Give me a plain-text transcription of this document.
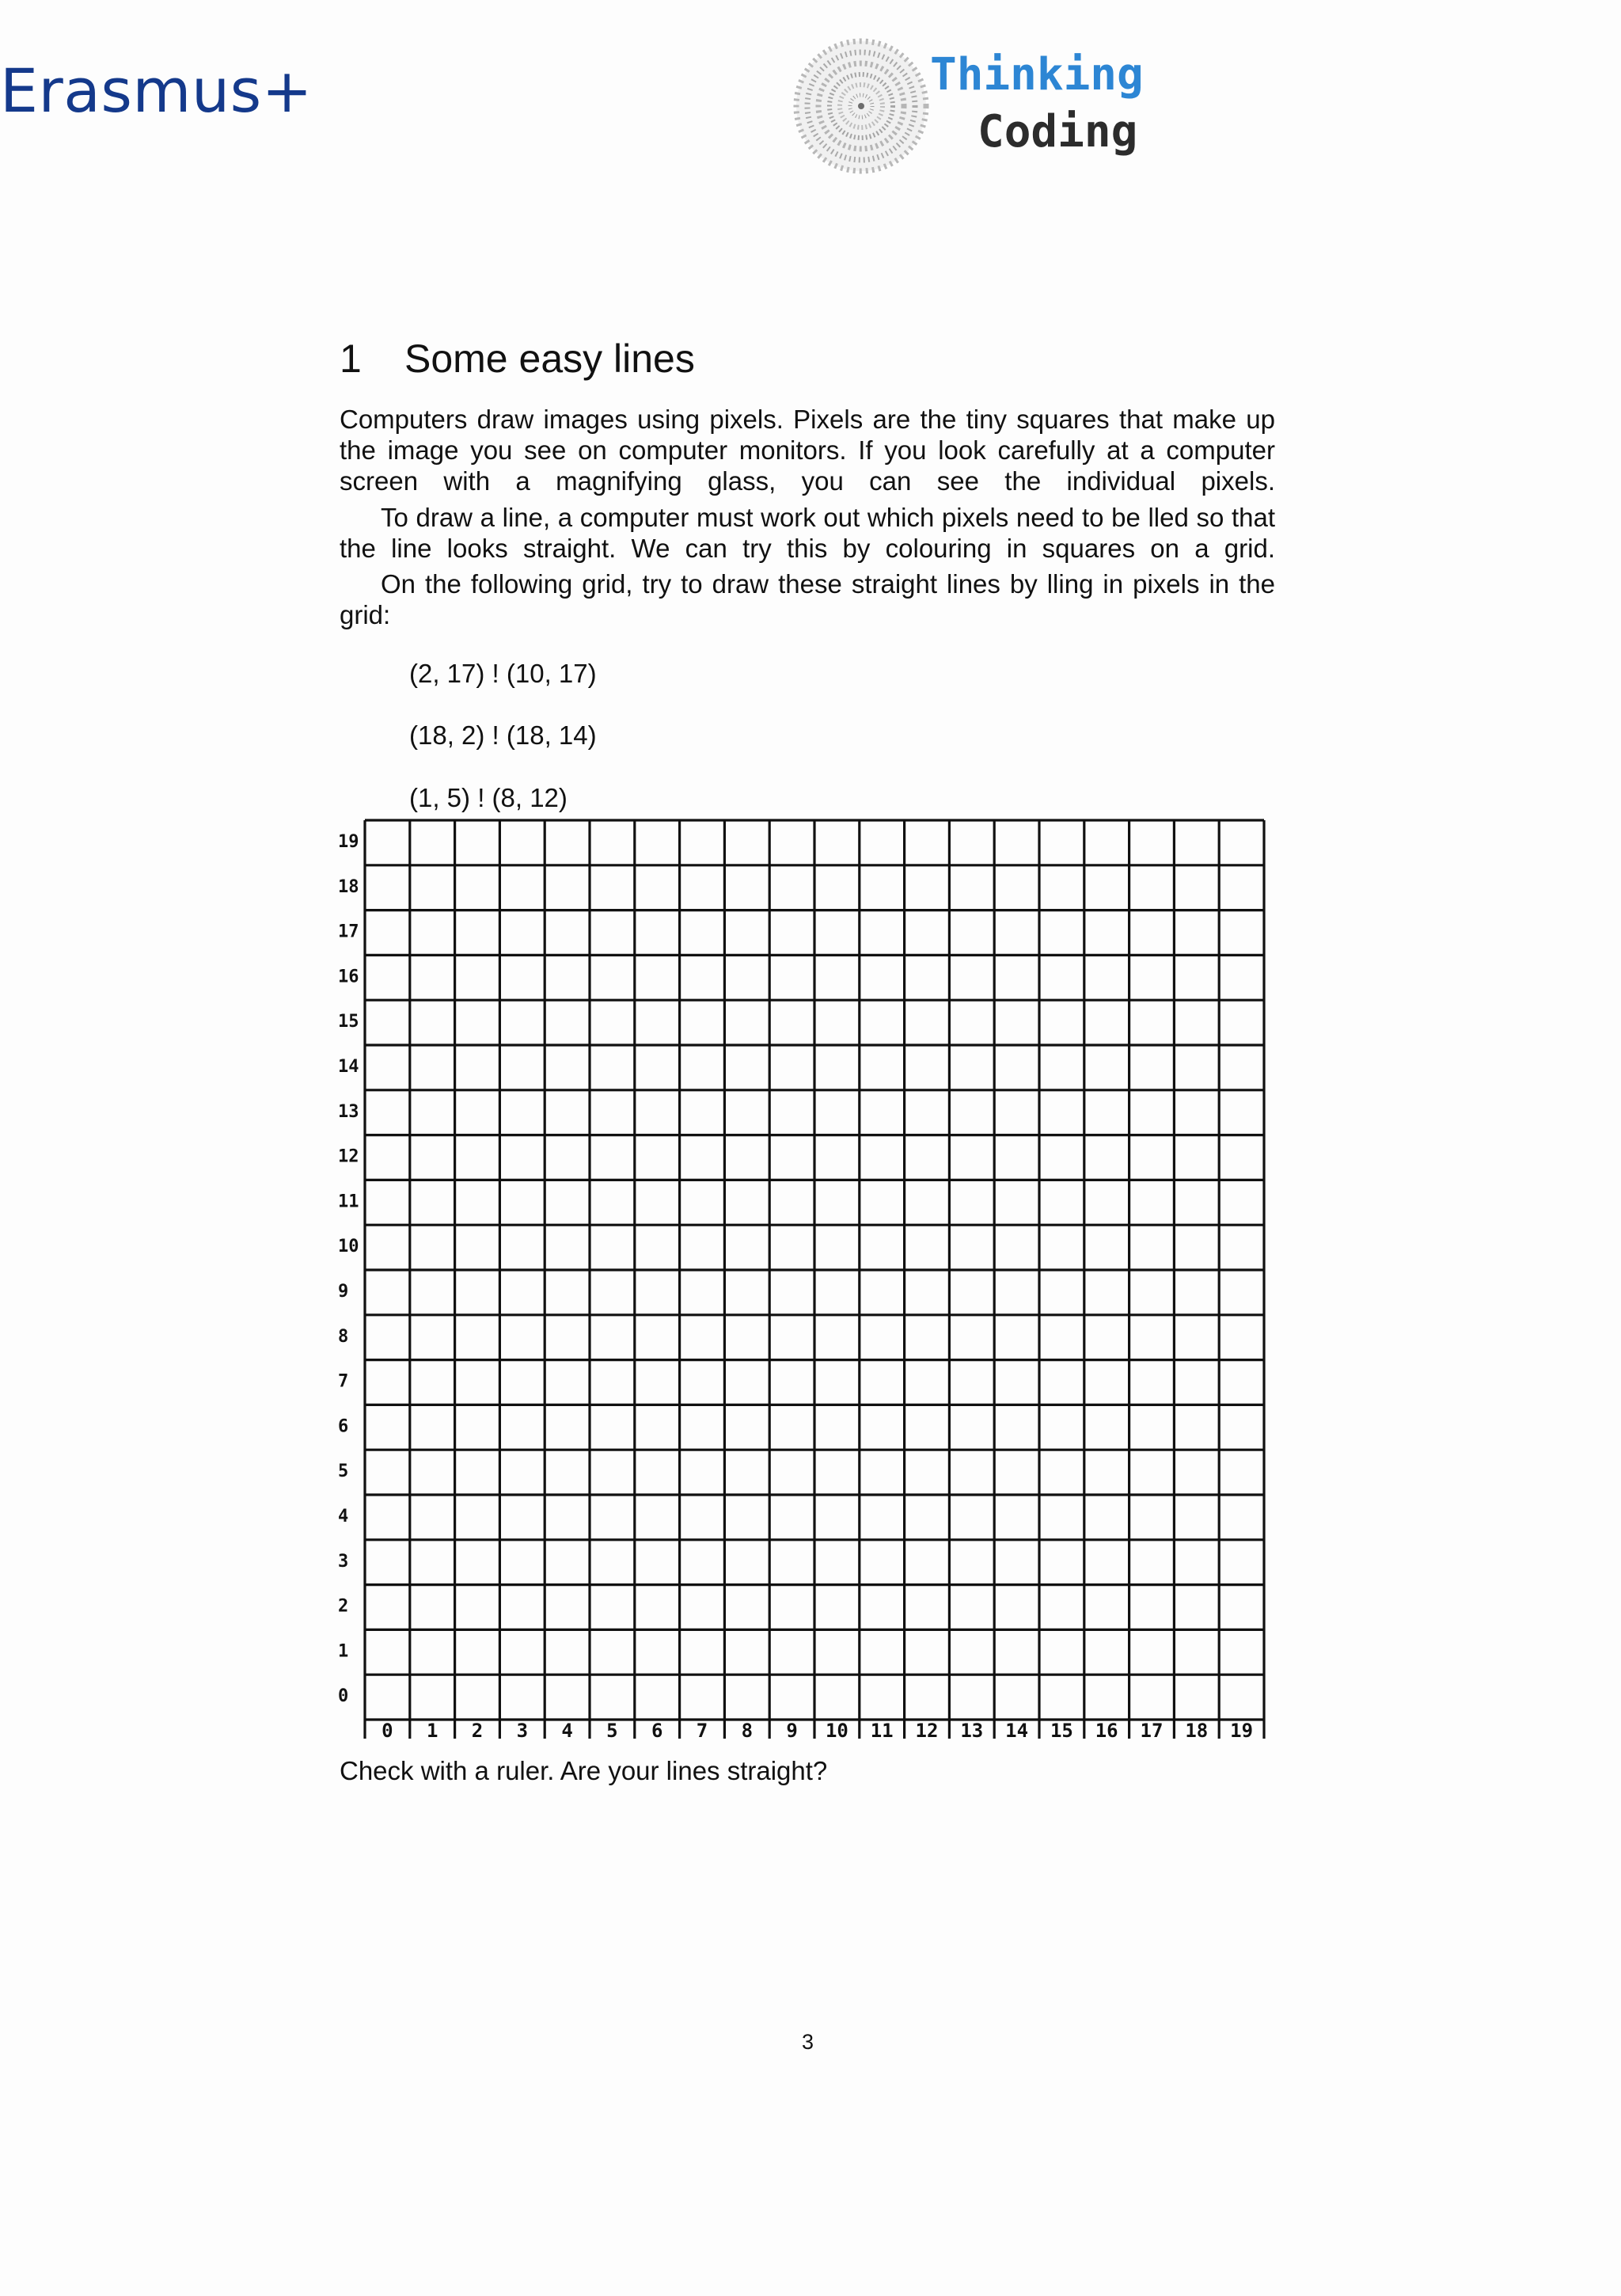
Erasmus+	Thinking
Coding
1 Some easy lines
Computers draw images using pixels. Pixels are the tiny squares that make up the image you see on computer monitors. If you look carefully at a computer screen with a magnifying glass, you can see the individual pixels.
To draw a line, a computer must work out which pixels need to be lled so that the line looks straight. We can try this by colouring in squares on a grid.
On the following grid, try to draw these straight lines by lling in pixels in the grid:
(2, 17) ! (10, 17)
(18, 2) ! (18, 14)
(1, 5) ! (8, 12)
0 1 2 3 4 5 6 7 8 9 10 11 12 13 14 15 16 17 18 19
19
18
17
16
15
14
13
12
11
10
9
8
7
6
5
4
3
2
1
0
Check with a ruler. Are your lines straight?
3
